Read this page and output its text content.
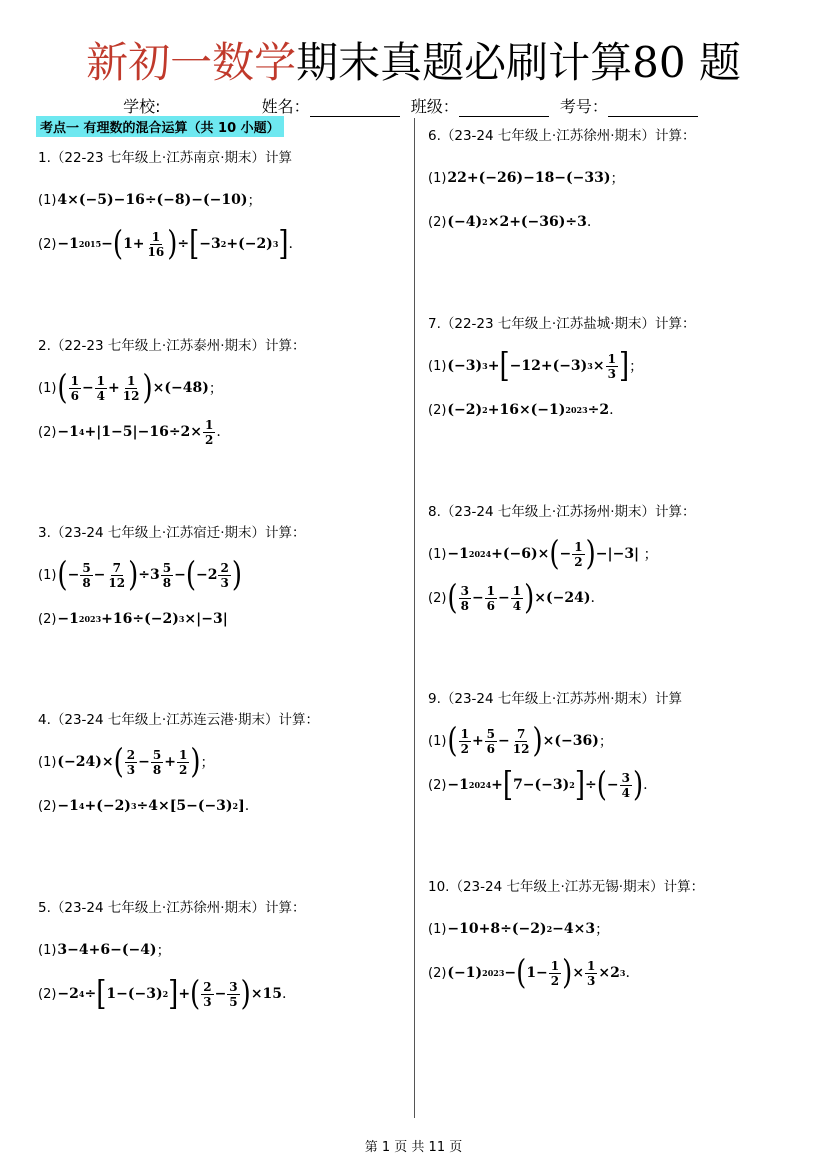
新初一数学期末真题必刷计算80 题
学校:	姓名：	班级：	考号：
考点一 有理数的混合运算（共 10 小题）
1.（22-23 七年级上·江苏南京·期末）计算
(1) 4×(−5)−16÷(−8)−(−10) ；
(2) −1 2015 − ( $1+ \frac{1}{16}$ ) ÷ [ −3 2 +(−2) 3 ] .
2.（22-23 七年级上·江苏泰州·期末）计算：
(1) ( $\frac{1}{6} - \frac{1}{4} + \frac{1}{12}$ ) ×(−48) ；
(2) −1 $4 +|1-5|-16\div 2\times \frac{1}{2}$ .
3.（23-24 七年级上·江苏宿迁·期末）计算：
(1) ( − $\frac{5}{8} - \frac{7}{12}$ ) $\div 3 \frac{5}{8}$ − ( $-2 \frac{2}{3}$ )
(2) −1 2023 +16÷(−2) 3 ×|−3|
4.（23-24 七年级上·江苏连云港·期末）计算：
(1) (−24)× ( $\frac{2}{3} - \frac{5}{8} + \frac{1}{2}$ ) ；
(2) −1 4 +(−2) 3 ÷4×[5−(−3) 2 ] .
5.（23-24 七年级上·江苏徐州·期末）计算：
(1) 3−4+6−(−4) ；
(2) −2 4 ÷ [ 1−(−3) 2 ] + ( $\frac{2}{3} - \frac{3}{5}$ ) ×15 .
6.（23-24 七年级上·江苏徐州·期末）计算：
(1) 22+(−26)−18−(−33) ；
(2) (−4) 2 ×2+(−36)÷3 .
7.（22-23 七年级上·江苏盐城·期末）计算：
(1) (−3) 3 + [ −12+(−3) $3 \times \frac{1}{3}$ ] ；
(2) (−2) 2 +16×(−1) 2023 ÷2 .
8.（23-24 七年级上·江苏扬州·期末）计算：
(1) −1 2024 +(−6)× ( − $\frac{1}{2}$ ) −|−3| ；
(2) ( $\frac{3}{8} - \frac{1}{6} - \frac{1}{4}$ ) ×(−24) .
9.（23-24 七年级上·江苏苏州·期末）计算
(1) ( $\frac{1}{2} + \frac{5}{6} - \frac{7}{12}$ ) ×(−36) ；
(2) −1 2024 + [ 7−(−3) 2 ] ÷ ( − $\frac{3}{4}$ ) .
10.（23-24 七年级上·江苏无锡·期末）计算：
(1) −10+8÷(−2) 2 −4×3 ；
(2) (−1) 2023 − ( $1- \frac{1}{2}$ ) × $\frac{1}{3} \times 2$ 3 .
第 1 页 共 11 页
